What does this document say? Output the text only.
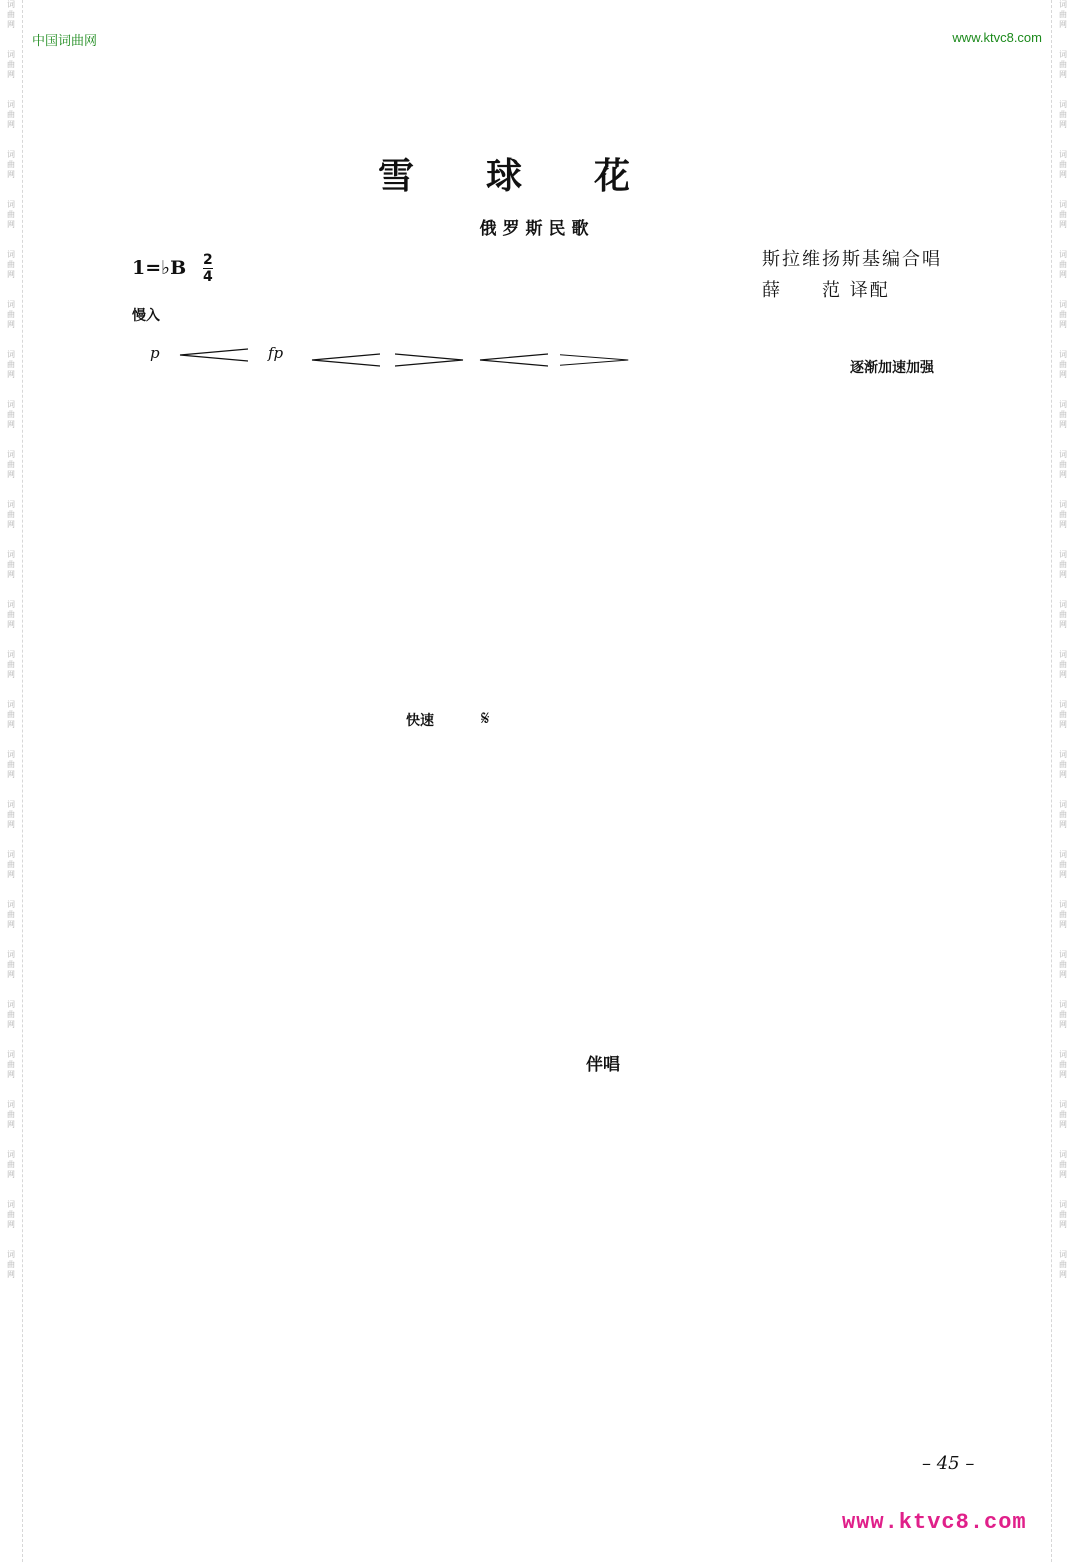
词
曲
网

词
曲
网

词
曲
网

词
曲
网

词
曲
网

词
曲
网

词
曲
网

词
曲
网

词
曲
网

词
曲
网

词
曲
网

词
曲
网

词
曲
网

词
曲
网

词
曲
网

词
曲
网

词
曲
网

词
曲
网

词
曲
网

词
曲
网

词
曲
网

词
曲
网

词
曲
网

词
曲
网

词
曲
网

词
曲
网
词
曲
网

词
曲
网

词
曲
网

词
曲
网

词
曲
网

词
曲
网

词
曲
网

词
曲
网

词
曲
网

词
曲
网

词
曲
网

词
曲
网

词
曲
网

词
曲
网

词
曲
网

词
曲
网

词
曲
网

词
曲
网

词
曲
网

词
曲
网

词
曲
网

词
曲
网

词
曲
网

词
曲
网

词
曲
网

词
曲
网
中国词曲网	www.ktvc8.com
雪球花
俄罗斯民歌
1=♭B 2
4
斯拉维扬斯基编合唱
薛　　范 译配
慢入
p	fp
逐渐加速加强
快速 𝄋
伴唱
– 45 –
www.ktvc8.com
